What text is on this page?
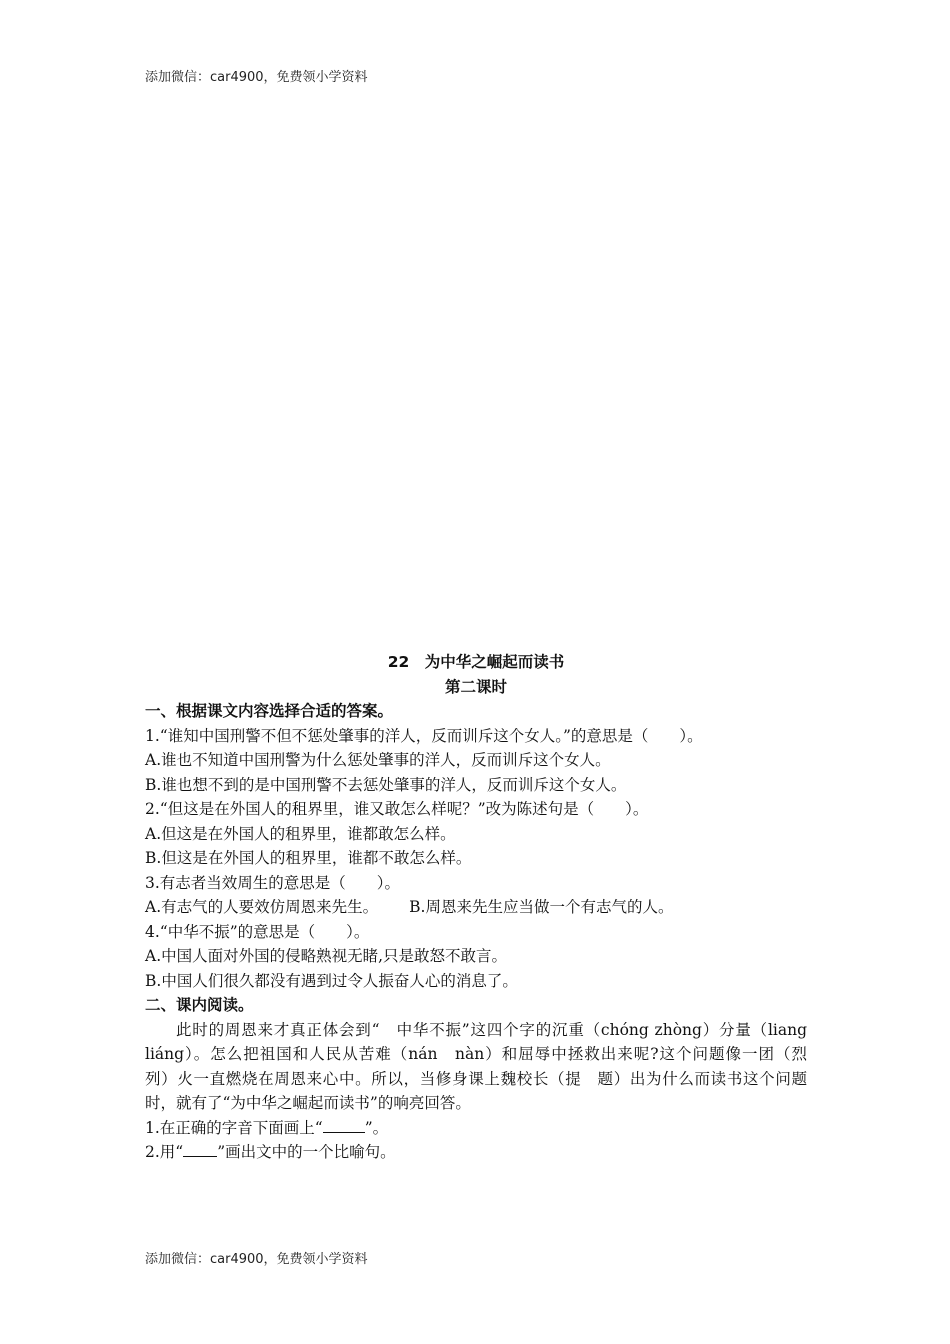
添加微信：car4900，免费领小学资料
22　为中华之崛起而读书
第二课时
一、根据课文内容选择合适的答案。
1.“谁知中国刑警不但不惩处肇事的洋人，反而训斥这个女人。”的意思是（　　）。
A.谁也不知道中国刑警为什么惩处肇事的洋人，反而训斥这个女人。
B.谁也想不到的是中国刑警不去惩处肇事的洋人，反而训斥这个女人。
2.“但这是在外国人的租界里，谁又敢怎么样呢？”改为陈述句是（　　）。
A.但这是在外国人的租界里，谁都敢怎么样。
B.但这是在外国人的租界里，谁都不敢怎么样。
3.有志者当效周生的意思是（　　）。
A.有志气的人要效仿周恩来先生。 B.周恩来先生应当做一个有志气的人。
4.“中华不振”的意思是（　　）。
A.中国人面对外国的侵略熟视无睹,只是敢怒不敢言。
B.中国人们很久都没有遇到过令人振奋人心的消息了。
二、课内阅读。
此时的周恩来才真正体会到“　中华不振”这四个字的沉重（chóng zhòng）分量（liang　liáng）。怎么把祖国和人民从苦难（nán　nàn）和屈辱中拯救出来呢?这个问题像一团（烈　列）火一直燃烧在周恩来心中。所以，当修身课上魏校长（提　题）出为什么而读书这个问题时，就有了“为中华之崛起而读书”的响亮回答。
1.在正确的字音下面画上“	”。
2.用“ ”画出文中的一个比喻句。
添加微信：car4900，免费领小学资料
